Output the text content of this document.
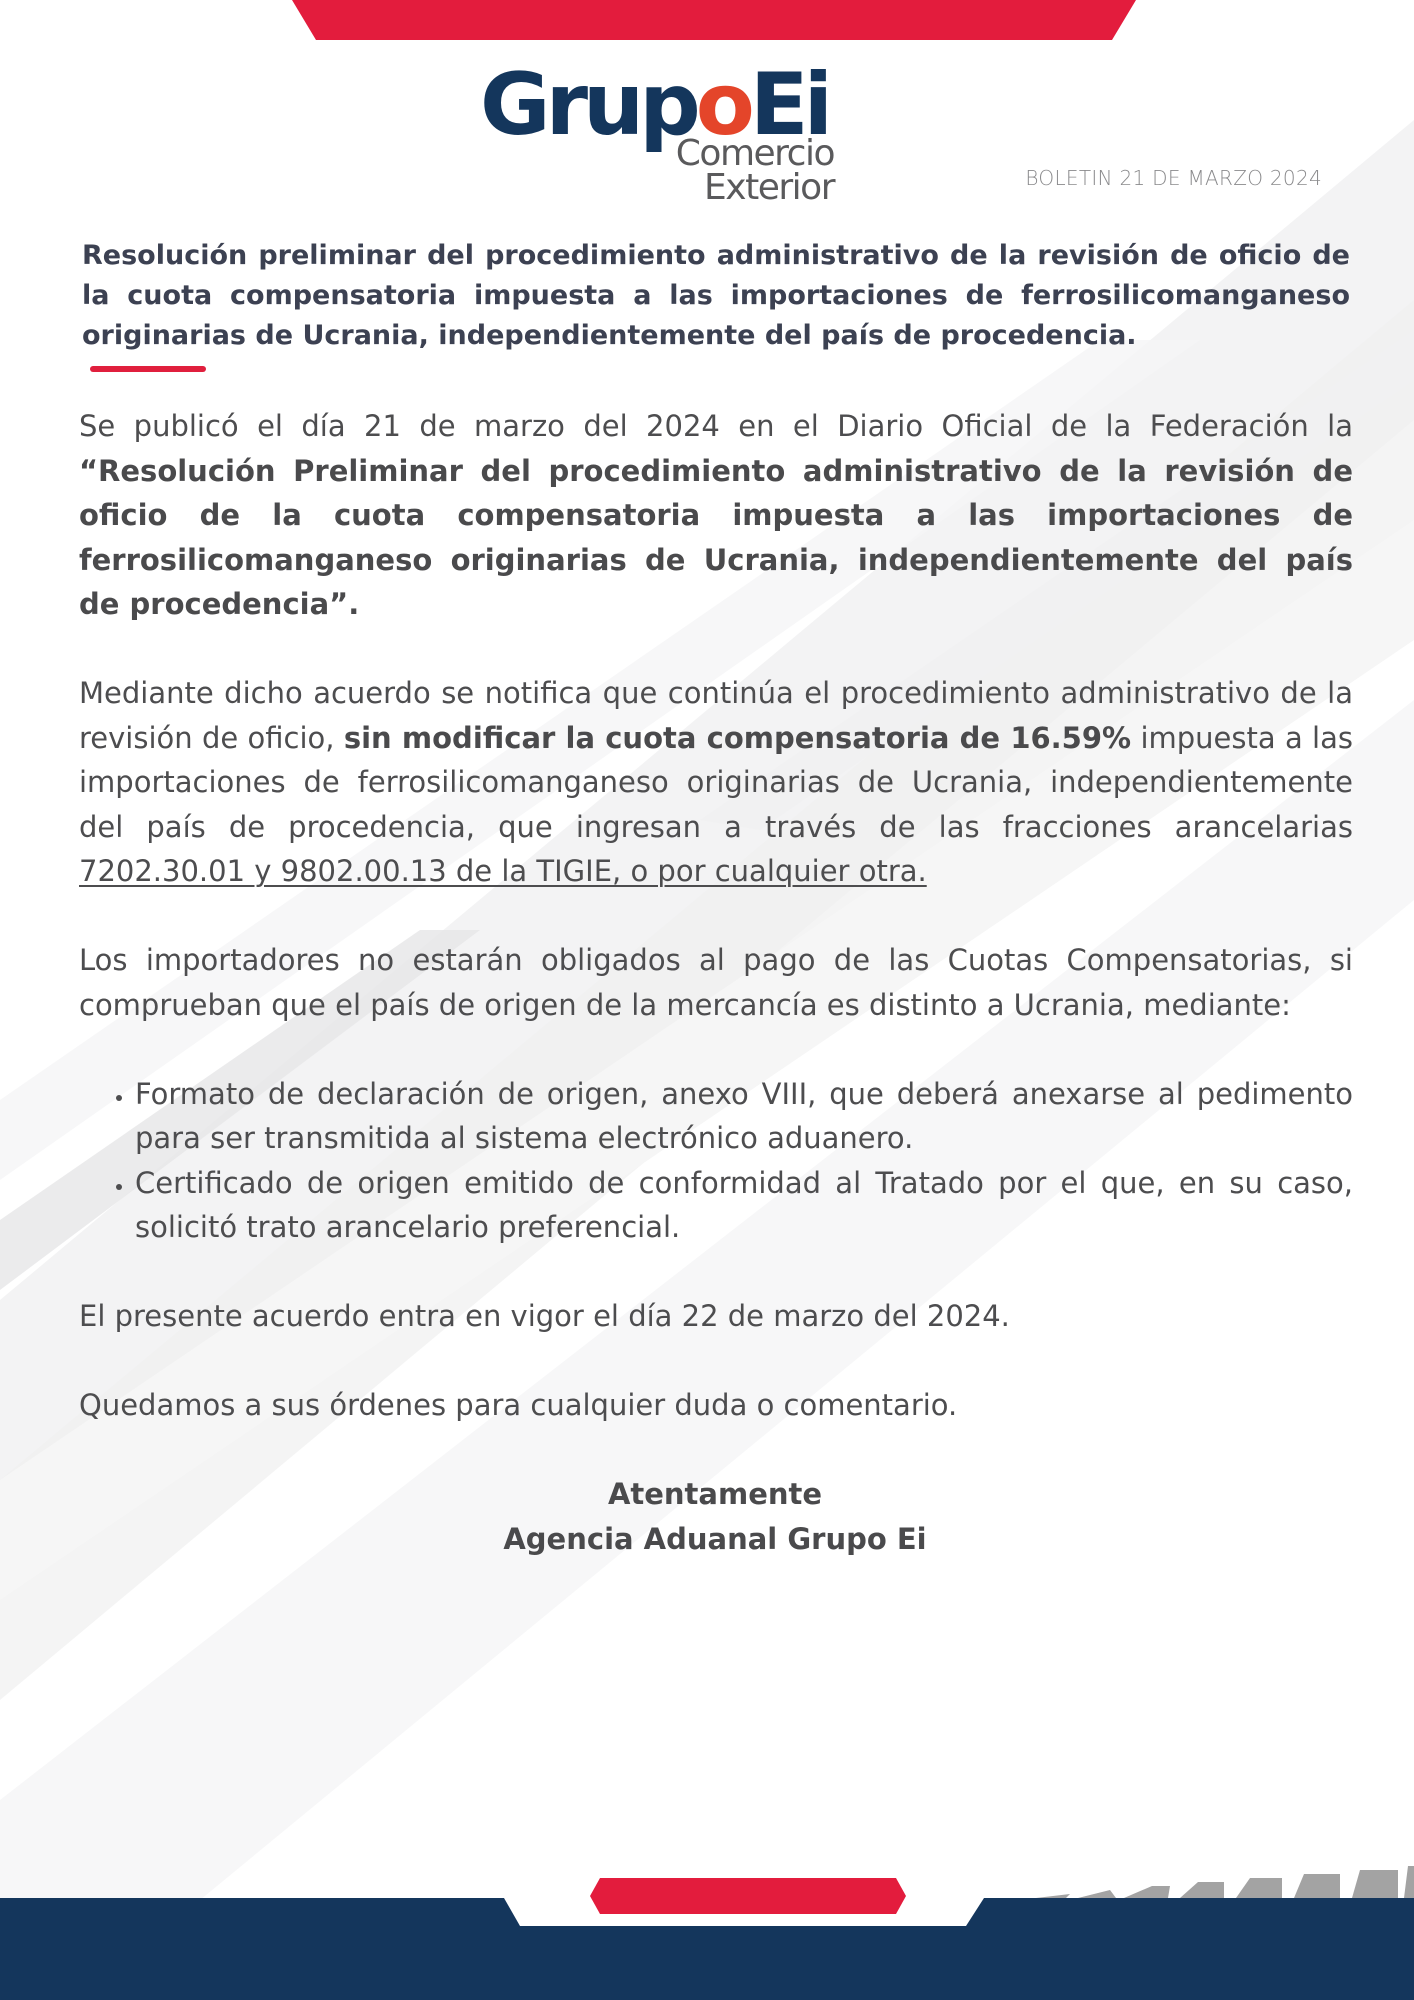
GrupoEi
Comercio
Exterior	BOLETIN 21 DE MARZO 2024
Resolución preliminar del procedimiento administrativo de la revisión de oficio de la cuota compensatoria impuesta a las importaciones de ferrosilicomanganeso originarias de Ucrania, independientemente del país de procedencia.

Se publicó el día 21 de marzo del 2024 en el Diario Oficial de la Federación la “Resolución Preliminar del procedimiento administrativo de la revisión de oficio de la cuota compensatoria impuesta a las importaciones de ferrosilicomanganeso originarias de Ucrania, independientemente del país de procedencia”.

Mediante dicho acuerdo se notifica que continúa el procedimiento administrativo de la revisión de oficio, sin modificar la cuota compensatoria de 16.59% impuesta a las importaciones de ferrosilicomanganeso originarias de Ucrania, independientemente del país de procedencia, que ingresan a través de las fracciones arancelarias 7202.30.01 y 9802.00.13 de la TIGIE, o por cualquier otra.

Los importadores no estarán obligados al pago de las Cuotas Compensatorias, si comprueban que el país de origen de la mercancía es distinto a Ucrania, mediante:

• Formato de declaración de origen, anexo VIII, que deberá anexarse al pedimento para ser transmitida al sistema electrónico aduanero.
• Certificado de origen emitido de conformidad al Tratado por el que, en su caso, solicitó trato arancelario preferencial.

El presente acuerdo entra en vigor el día 22 de marzo del 2024.

Quedamos a sus órdenes para cualquier duda o comentario.

Atentamente
Agencia Aduanal Grupo Ei
